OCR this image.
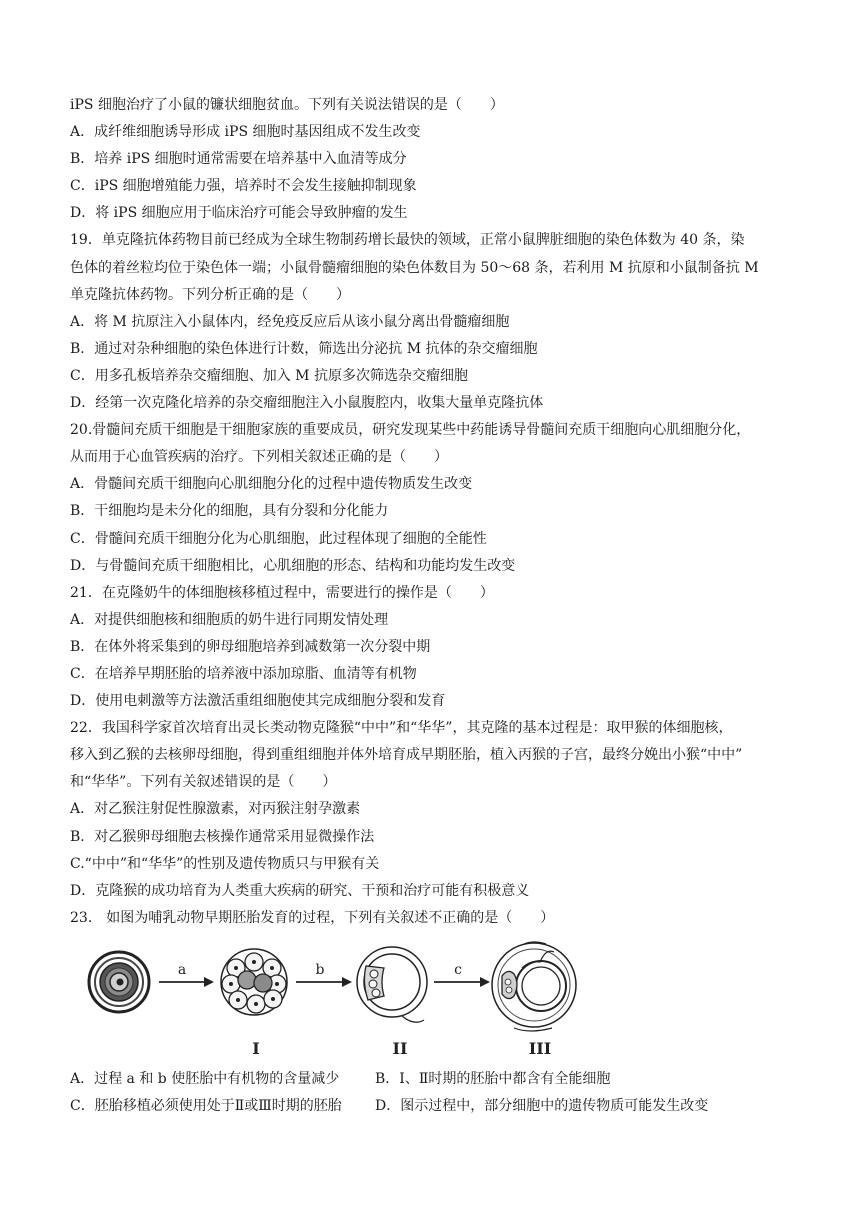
iPS 细胞治疗了小鼠的镰状细胞贫血。下列有关说法错误的是（　　）

A．成纤维细胞诱导形成 iPS 细胞时基因组成不发生改变

B．培养 iPS 细胞时通常需要在培养基中入血清等成分

C．iPS 细胞增殖能力强，培养时不会发生接触抑制现象

D．将 iPS 细胞应用于临床治疗可能会导致肿瘤的发生

19．单克隆抗体药物目前已经成为全球生物制药增长最快的领域，正常小鼠脾脏细胞的染色体数为 40 条，染

色体的着丝粒均位于染色体一端；小鼠骨髓瘤细胞的染色体数目为 50～68 条，若利用 M 抗原和小鼠制备抗 M

单克隆抗体药物。下列分析正确的是（　　）

A．将 M 抗原注入小鼠体内，经免疫反应后从该小鼠分离出骨髓瘤细胞

B．通过对杂种细胞的染色体进行计数，筛选出分泌抗 M 抗体的杂交瘤细胞

C．用多孔板培养杂交瘤细胞、加入 M 抗原多次筛选杂交瘤细胞

D．经第一次克隆化培养的杂交瘤细胞注入小鼠腹腔内，收集大量单克隆抗体

20.骨髓间充质干细胞是干细胞家族的重要成员，研究发现某些中药能诱导骨髓间充质干细胞向心肌细胞分化，

从而用于心血管疾病的治疗。下列相关叙述正确的是（　　）

A．骨髓间充质干细胞向心肌细胞分化的过程中遗传物质发生改变

B．干细胞均是未分化的细胞，具有分裂和分化能力

C．骨髓间充质干细胞分化为心肌细胞，此过程体现了细胞的全能性

D．与骨髓间充质干细胞相比，心肌细胞的形态、结构和功能均发生改变

21．在克隆奶牛的体细胞核移植过程中，需要进行的操作是（　　）

A．对提供细胞核和细胞质的奶牛进行同期发情处理

B．在体外将采集到的卵母细胞培养到减数第一次分裂中期

C．在培养早期胚胎的培养液中添加琼脂、血清等有机物

D．使用电刺激等方法激活重组细胞使其完成细胞分裂和发育

22．我国科学家首次培育出灵长类动物克隆猴“中中”和“华华”，其克隆的基本过程是：取甲猴的体细胞核，

移入到乙猴的去核卵母细胞，得到重组细胞并体外培育成早期胚胎，植入丙猴的子宫，最终分娩出小猴“中中”

和“华华”。下列有关叙述错误的是（　　）

A．对乙猴注射促性腺激素，对丙猴注射孕激素

B．对乙猴卵母细胞去核操作通常采用显微操作法

C.“中中”和“华华”的性别及遗传物质只与甲猴有关

D．克隆猴的成功培育为人类重大疾病的研究、干预和治疗可能有积极意义

23． 如图为哺乳动物早期胚胎发育的过程，下列有关叙述不正确的是（　　）

a
I
b
II
c
III

A．过程 a 和 b 使胚胎中有机物的含量减少	B．Ⅰ、Ⅱ时期的胚胎中都含有全能细胞

C．胚胎移植必须使用处于Ⅱ或Ⅲ时期的胚胎	D．图示过程中，部分细胞中的遗传物质可能发生改变
